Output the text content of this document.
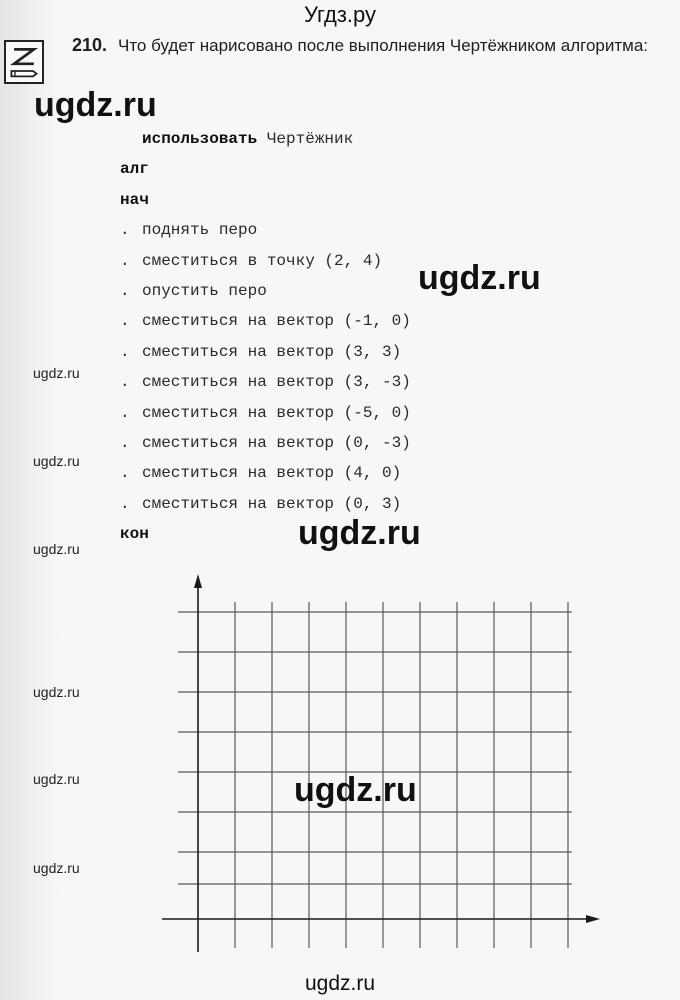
Угдз.ру
210. Что будет нарисовано после выполнения Чертёжником алгоритма:
использовать Чертёжник
алг
нач
. поднять перо
. сместиться в точку (2, 4)
. опустить перо
. сместиться на вектор (-1, 0)
. сместиться на вектор (3, 3)
. сместиться на вектор (3, -3)
. сместиться на вектор (-5, 0)
. сместиться на вектор (0, -3)
. сместиться на вектор (4, 0)
. сместиться на вектор (0, 3)
кон
ugdz.ru
ugdz.ru
ugdz.ru
ugdz.ru
ugdz.ru
ugdz.ru
ugdz.ru
ugdz.ru
ugdz.ru
ugdz.ru
ugdz.ru
